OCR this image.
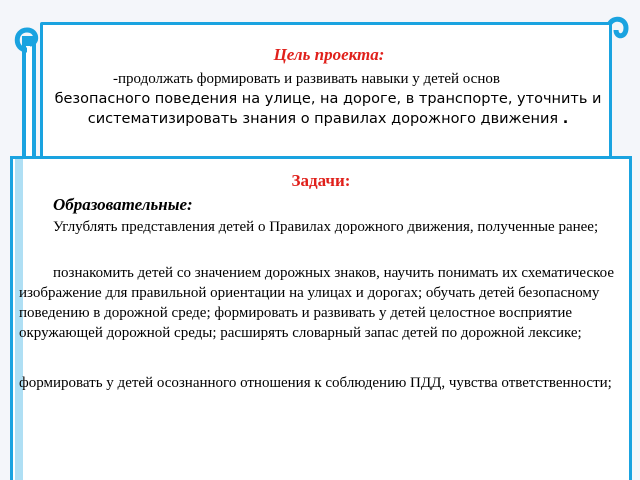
Цель проекта:
-продолжать формировать и развивать навыки у детей основ
безопасного поведения на улице, на дороге, в транспорте, уточнить и систематизировать знания о правилах дорожного движения .
Задачи:
Образовательные:
Углублять представления детей о Правилах дорожного движения, полученные ранее;
познакомить детей со значением дорожных знаков, научить понимать их схематическое изображение для правильной ориентации на улицах и дорогах; обучать детей безопасному поведению в дорожной среде; формировать и развивать у детей целостное восприятие окружающей дорожной среды; расширять словарный запас детей по дорожной лексике;
формировать у детей осознанного отношения к соблюдению ПДД, чувства ответственности;
